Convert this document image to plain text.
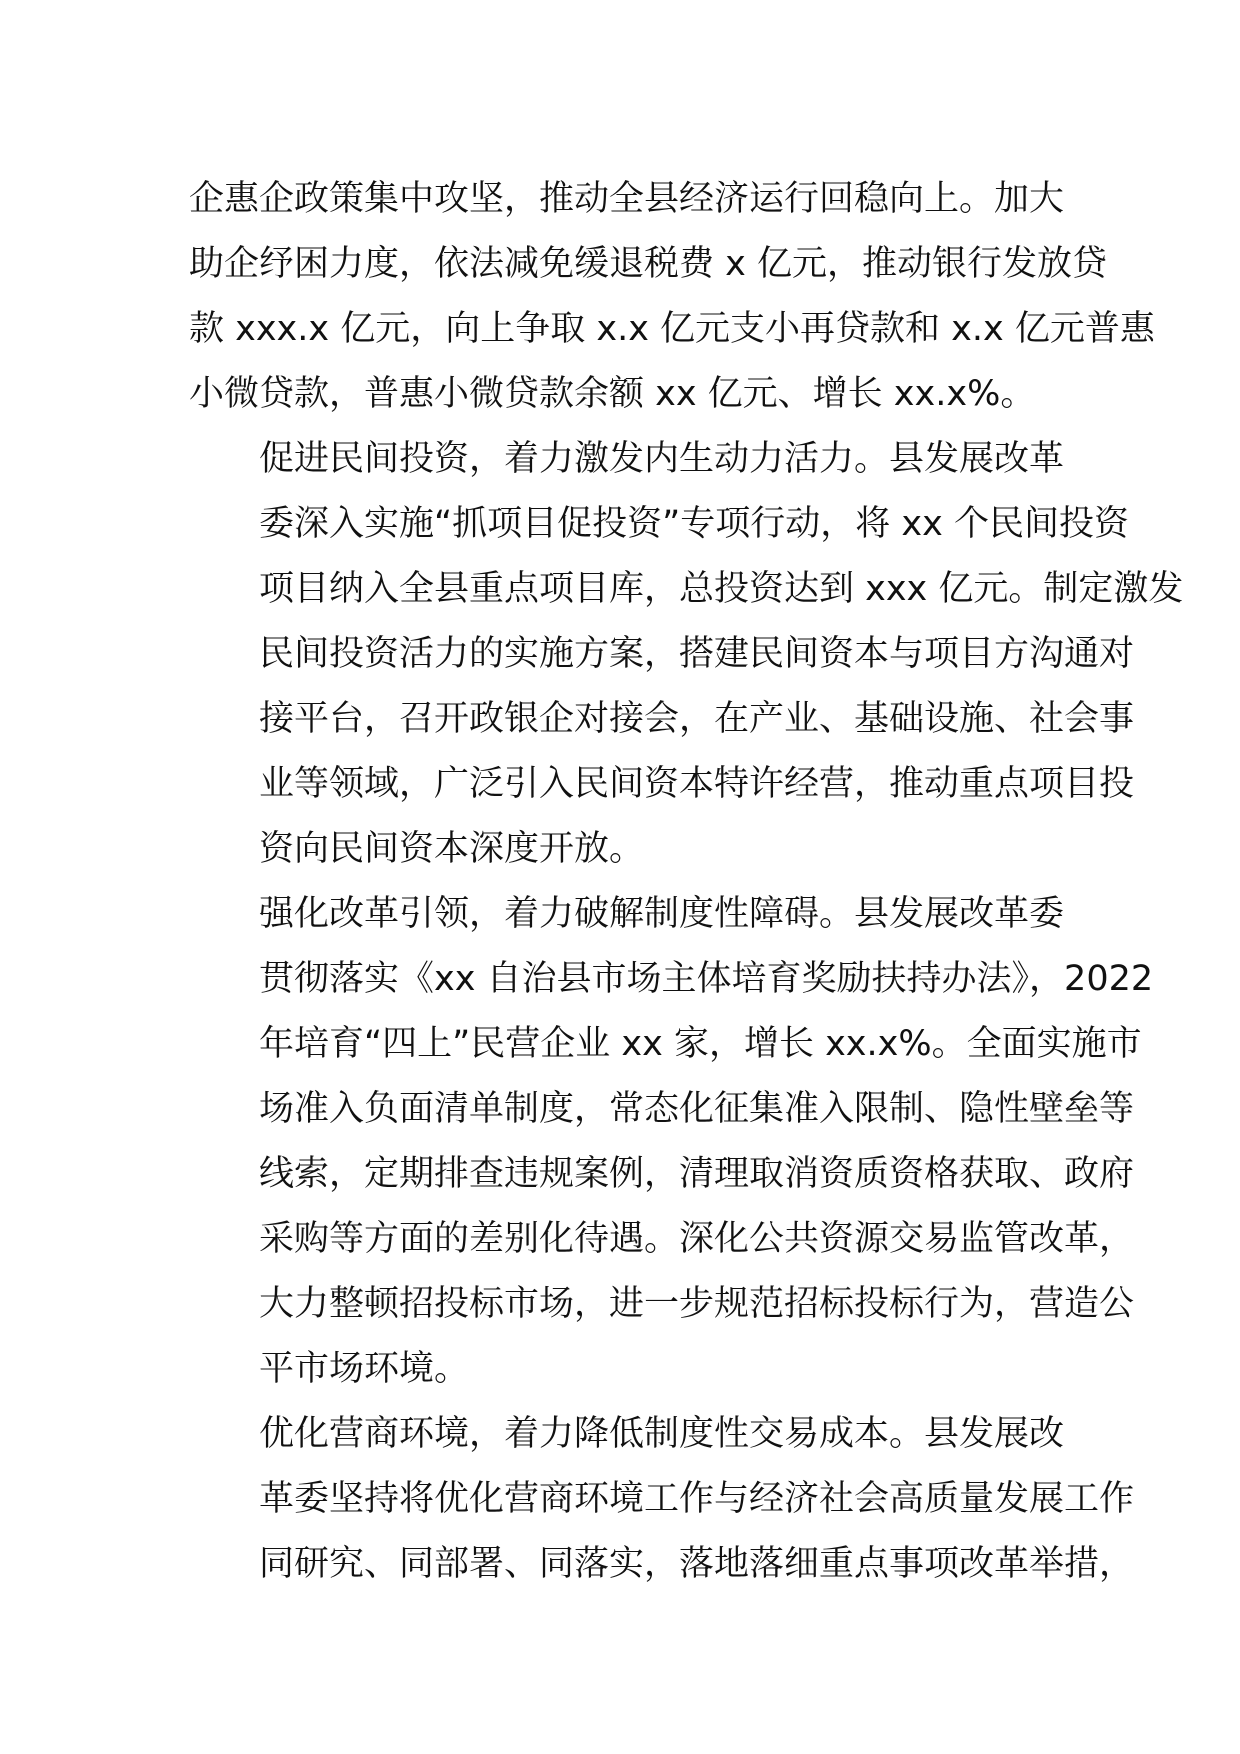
企惠企政策集中攻坚，推动全县经济运行回稳向上。加大
助企纾困力度，依法减免缓退税费 x 亿元，推动银行发放贷
款 xxx.x 亿元，向上争取 x.x 亿元支小再贷款和 x.x 亿元普惠
小微贷款，普惠小微贷款余额 xx 亿元、增长 xx.x%。

促进民间投资，着力激发内生动力活力。县发展改革
委深入实施“抓项目促投资”专项行动，将 xx 个民间投资
项目纳入全县重点项目库，总投资达到 xxx 亿元。制定激发
民间投资活力的实施方案，搭建民间资本与项目方沟通对
接平台，召开政银企对接会，在产业、基础设施、社会事
业等领域，广泛引入民间资本特许经营，推动重点项目投
资向民间资本深度开放。

强化改革引领，着力破解制度性障碍。县发展改革委
贯彻落实《xx 自治县市场主体培育奖励扶持办法》，2022
年培育“四上”民营企业 xx 家，增长 xx.x%。全面实施市
场准入负面清单制度，常态化征集准入限制、隐性壁垒等
线索，定期排查违规案例，清理取消资质资格获取、政府
采购等方面的差别化待遇。深化公共资源交易监管改革，
大力整顿招投标市场，进一步规范招标投标行为，营造公
平市场环境。

优化营商环境，着力降低制度性交易成本。县发展改
革委坚持将优化营商环境工作与经济社会高质量发展工作
同研究、同部署、同落实，落地落细重点事项改革举措，
